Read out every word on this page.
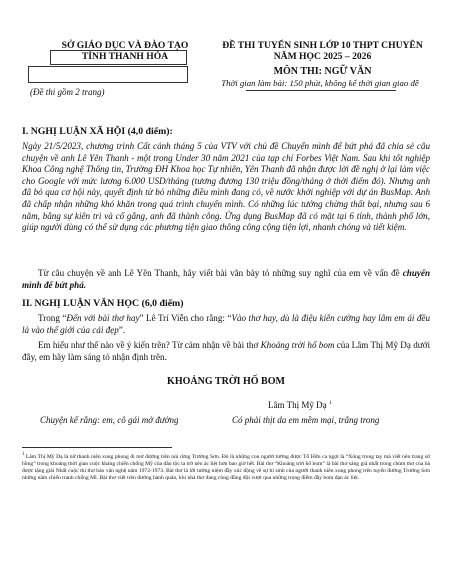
SỞ GIÁO DỤC VÀ ĐÀO TẠO
TỈNH THANH HÓA
(Đề thi gồm 2 trang)
ĐỀ THI TUYỂN SINH LỚP 10 THPT CHUYÊN
NĂM HỌC 2025 – 2026
MÔN THI: NGỮ VĂN
Thời gian làm bài: 150 phút, không kể thời gian giao đề
I. NGHỊ LUẬN XÃ HỘI (4,0 điểm):
Ngày 21/5/2023, chương trình Cất cánh tháng 5 của VTV với chủ đề Chuyển mình để bứt phá đã chia sẻ câu chuyện về anh Lê Yên Thanh - một trong Under 30 năm 2021 của tạp chí Forbes Việt Nam. Sau khi tốt nghiệp Khoa Công nghệ Thông tin, Trường ĐH Khoa học Tự nhiên, Yên Thanh đã nhận được lời đề nghị ở lại làm việc cho Google với mức lương 6.000 USD/tháng (tương đương 130 triệu đồng/tháng ở thời điểm đó). Nhưng anh đã bỏ qua cơ hội này, quyết định từ bỏ những điều mình đang có, về nước khởi nghiệp với dự án BusMap. Anh đã chấp nhận những khó khăn trong quá trình chuyển mình. Có những lúc tưởng chừng thất bại, nhưng sau 6 năm, bằng sự kiên trì và cố gắng, anh đã thành công. Ứng dụng BusMap đã có mặt tại 6 tỉnh, thành phố lớn, giúp người dùng có thể sử dụng các phương tiện giao thông công cộng tiện lợi, nhanh chóng và tiết kiệm.
Từ câu chuyện về anh Lê Yên Thanh, hãy viết bài văn bày tỏ những suy nghĩ của em về vấn đề chuyển mình để bứt phá.
II. NGHỊ LUẬN VĂN HỌC (6,0 điểm)
Trong “Đến với bài thơ hay” Lê Trí Viễn cho rằng: “Vào thơ hay, dù là điệu kiên cường hay lãm em ái đều là vào thế giới của cái đẹp”.
Em hiểu như thế nào về ý kiến trên? Từ cảm nhận về bài thơ Khoảng trời hố bom của Lâm Thị Mỹ Dạ dưới đây, em hãy làm sáng tỏ nhận định trên.
KHOẢNG TRỜI HỐ BOM
Lâm Thị Mỹ Dạ $^1$
Chuyện kể rằng: em, cô gái mở đường	Có phải thịt da em mềm mại, trắng trong
$^1$ Lâm Thị Mỹ Dạ là nữ thanh niên xung phong đi mở đường trên núi rừng Trường Sơn. Đó là những con người tưởng được Tố Hữu ca ngợi là “Xông trong tay mà viết nên trang sử hồng” trong khoảng thời gian cuộc kháng chiến chống Mỹ của dân tộc ta trở nên ác liệt hơn bao giờ hết. Bài thơ “Khoảng trời hố bom” là bài thơ sáng giá nhất trong chùm thơ của bà được tặng giải Nhất cuộc thi thơ báo văn nghệ năm 1972-1973. Bài thơ là lời tưởng niệm đầy xúc động về sự hi sinh của người thanh niên xung phong trên tuyến đường Trường Sơn những năm chiến tranh chống Mĩ. Bài thơ viết trên đường hành quân, khi nhà thơ đang cùng đồng đội vượt qua những trọng điểm đầy bom đạn ác liệt.
